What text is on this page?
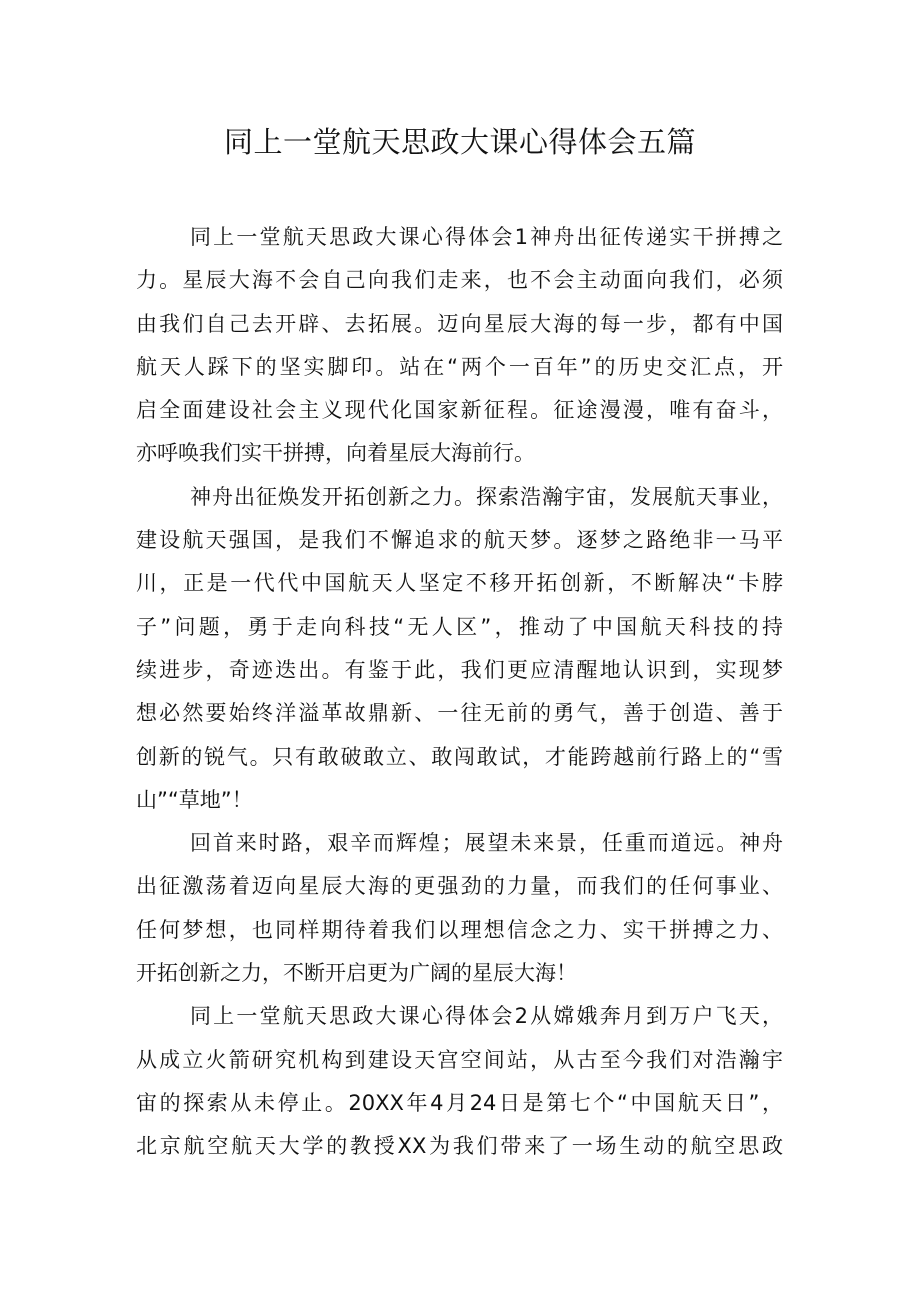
同上一堂航天思政大课心得体会五篇
同上一堂航天思政大课心得体会1神舟出征传递实干拼搏之
力。星辰大海不会自己向我们走来，也不会主动面向我们，必须
由我们自己去开辟、去拓展。迈向星辰大海的每一步，都有中国
航天人踩下的坚实脚印。站在“两个一百年”的历史交汇点，开
启全面建设社会主义现代化国家新征程。征途漫漫，唯有奋斗，
亦呼唤我们实干拼搏，向着星辰大海前行。
神舟出征焕发开拓创新之力。探索浩瀚宇宙，发展航天事业，
建设航天强国，是我们不懈追求的航天梦。逐梦之路绝非一马平
川，正是一代代中国航天人坚定不移开拓创新，不断解决“卡脖
子”问题，勇于走向科技“无人区”，推动了中国航天科技的持
续进步，奇迹迭出。有鉴于此，我们更应清醒地认识到，实现梦
想必然要始终洋溢革故鼎新、一往无前的勇气，善于创造、善于
创新的锐气。只有敢破敢立、敢闯敢试，才能跨越前行路上的“雪
山”“草地”！
回首来时路，艰辛而辉煌；展望未来景，任重而道远。神舟
出征激荡着迈向星辰大海的更强劲的力量，而我们的任何事业、
任何梦想，也同样期待着我们以理想信念之力、实干拼搏之力、
开拓创新之力，不断开启更为广阔的星辰大海！
同上一堂航天思政大课心得体会2从嫦娥奔月到万户飞天，
从成立火箭研究机构到建设天宫空间站，从古至今我们对浩瀚宇
宙的探索从未停止。20XX年4月24日是第七个“中国航天日”，
北京航空航天大学的教授XX为我们带来了一场生动的航空思政
